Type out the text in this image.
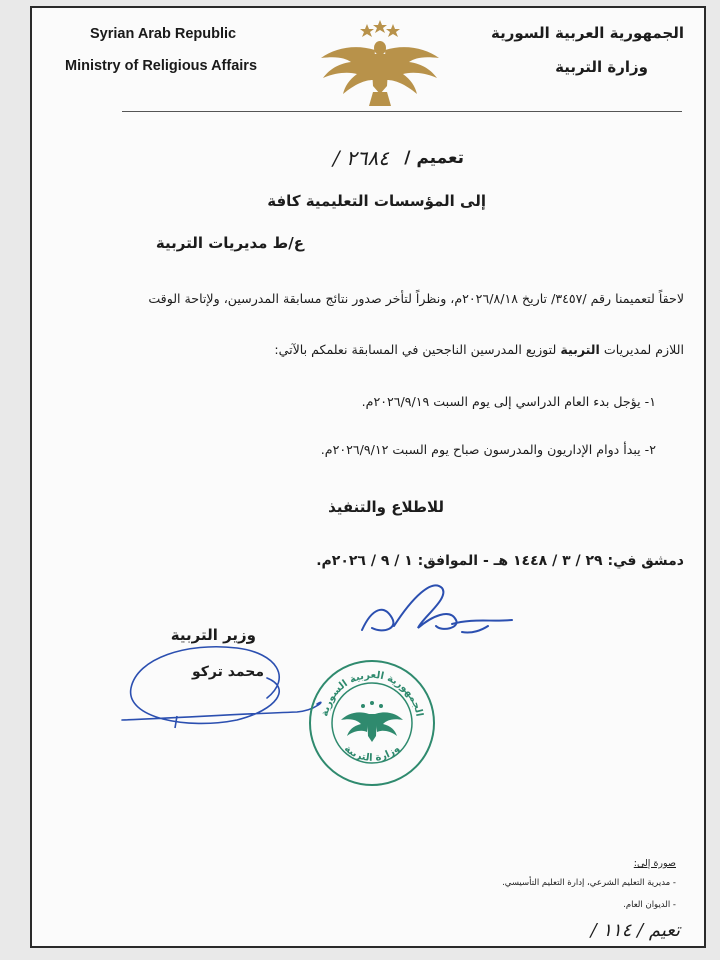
Syrian Arab Republic
Ministry of Religious Affairs
الجمهورية العربية السورية
وزارة التربية
تعميم /
٢٦٨٤ /
إلى المؤسسات التعليمية كافة
ع/ط مديريات التربية
لاحقاً لتعميمنا رقم /٣٤٥٧/ تاريخ ٢٠٢٦/٨/١٨م، ونظراً لتأخر صدور نتائج مسابقة المدرسين، ولإتاحة الوقت
اللازم لمديريات التربية لتوزيع المدرسين الناجحين في المسابقة نعلمكم بالآتي:
١- يؤجل بدء العام الدراسي إلى يوم السبت ٢٠٢٦/٩/١٩م.
٢- يبدأ دوام الإداريون والمدرسون صباح يوم السبت ٢٠٢٦/٩/١٢م.
للاطلاع والتنفيذ
دمشق في: ٢٩ / ٣ / ١٤٤٨ هـ - الموافق: ١ / ٩ / ٢٠٢٦م.
وزير التربية
محمد تركو
الجمهورية العربية السورية
وزارة التربية
صورة إلى:
- مديرية التعليم الشرعي، إدارة التعليم التأسيسي.
- الديوان العام.
تعيم / ١١٤ /
